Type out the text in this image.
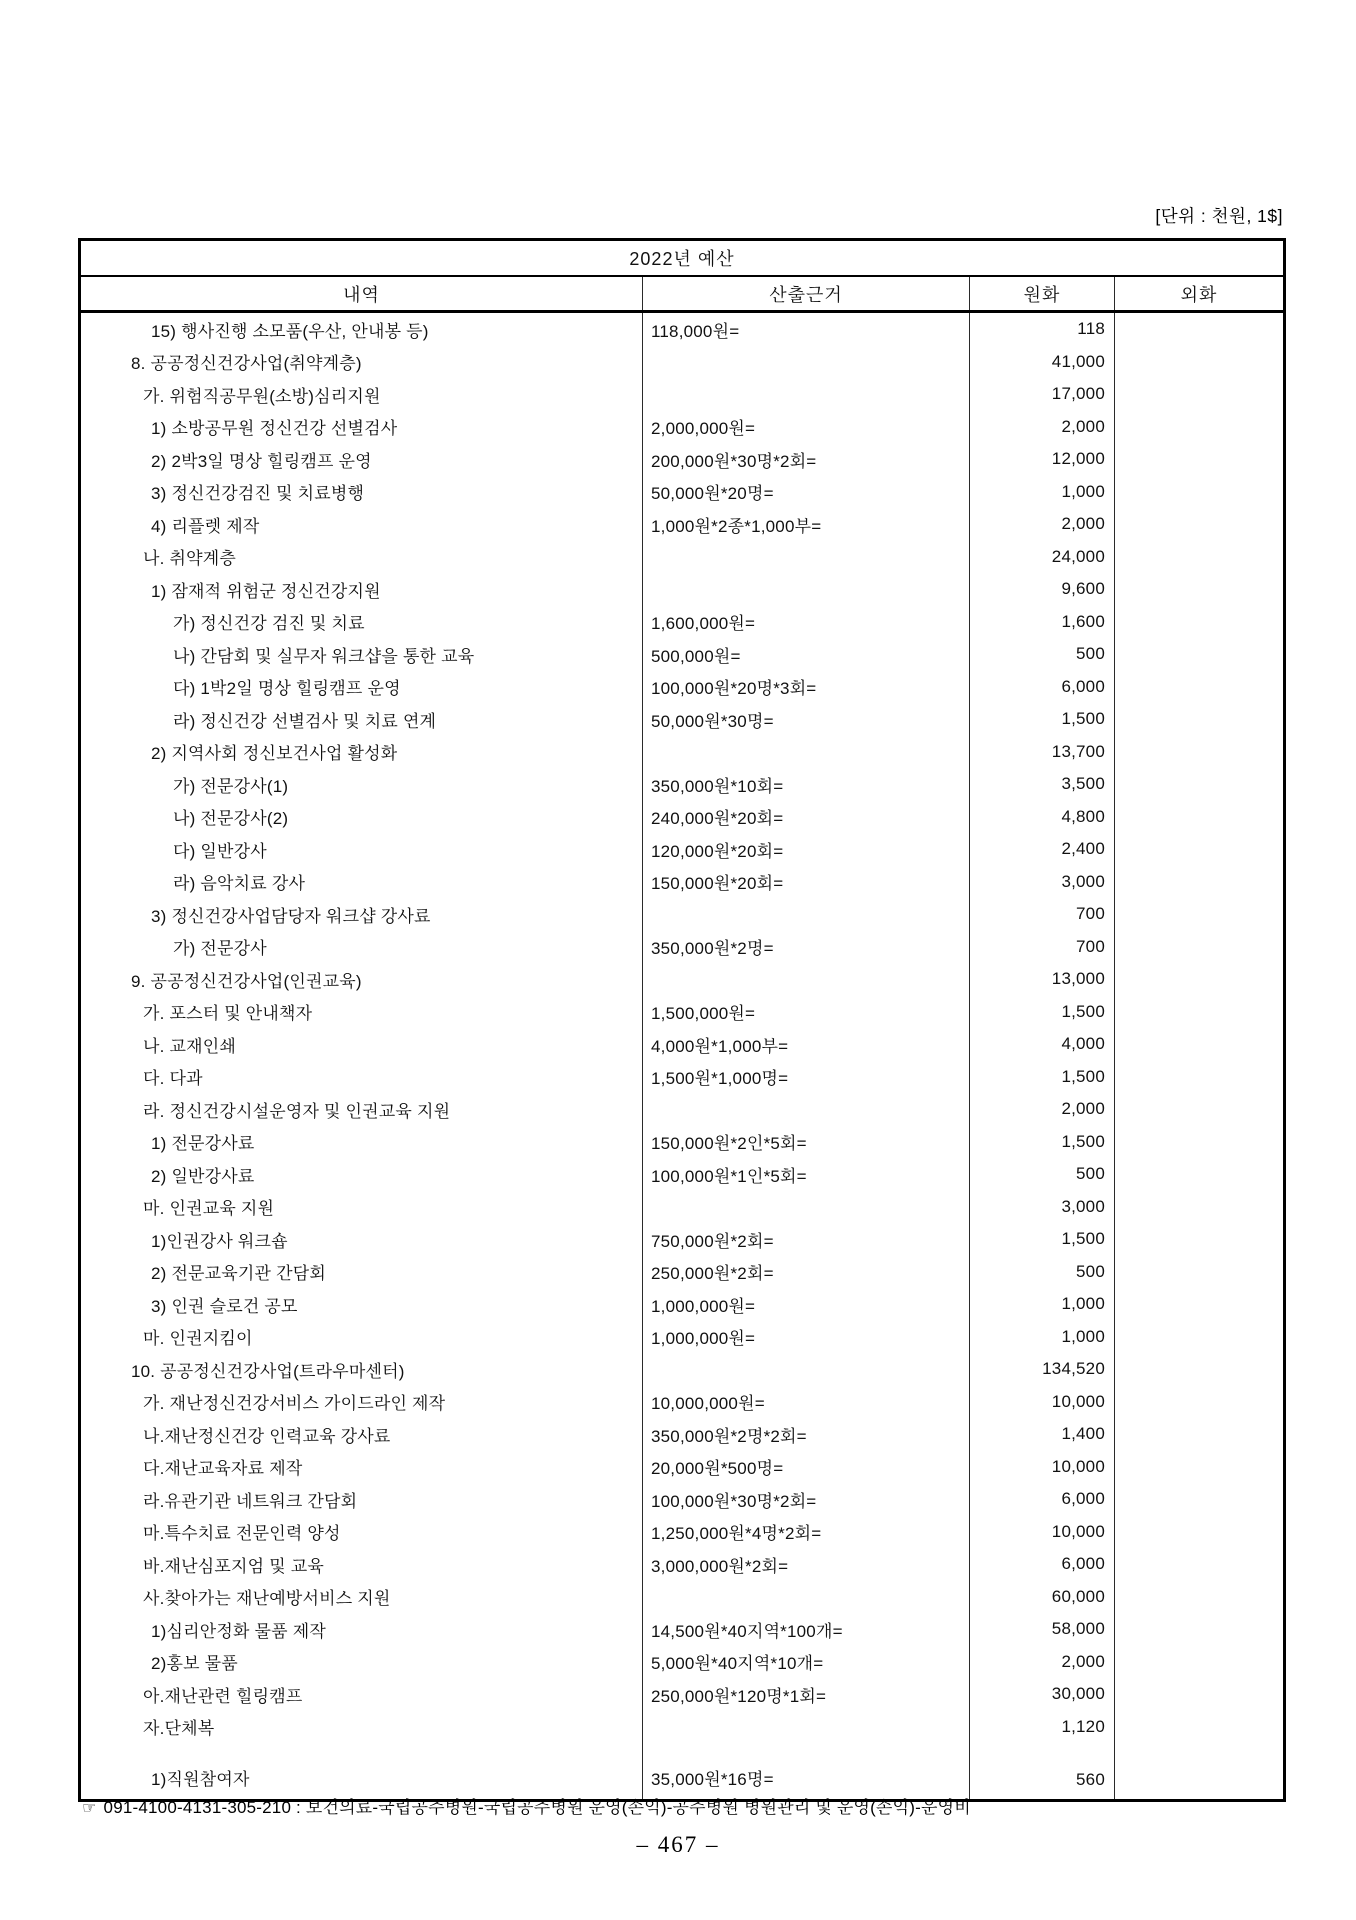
[단위 : 천원, 1$]
2022년 예산			
내역	산출근거	원화	외화
15) 행사진행 소모품(우산, 안내봉 등)	118,000원=	118	
8. 공공정신건강사업(취약계층)		41,000	
가. 위험직공무원(소방)심리지원		17,000	
1) 소방공무원 정신건강 선별검사	2,000,000원=	2,000	
2) 2박3일 명상 힐링캠프 운영	200,000원*30명*2회=	12,000	
3) 정신건강검진 및 치료병행	50,000원*20명=	1,000	
4) 리플렛 제작	1,000원*2종*1,000부=	2,000	
나. 취약계층		24,000	
1) 잠재적 위험군 정신건강지원		9,600	
가) 정신건강 검진 및 치료	1,600,000원=	1,600	
나) 간담회 및 실무자 워크샵을 통한 교육	500,000원=	500	
다) 1박2일 명상 힐링캠프 운영	100,000원*20명*3회=	6,000	
라) 정신건강 선별검사 및 치료 연계	50,000원*30명=	1,500	
2) 지역사회 정신보건사업 활성화		13,700	
가) 전문강사(1)	350,000원*10회=	3,500	
나) 전문강사(2)	240,000원*20회=	4,800	
다) 일반강사	120,000원*20회=	2,400	
라) 음악치료 강사	150,000원*20회=	3,000	
3) 정신건강사업담당자 워크샵 강사료		700	
가) 전문강사	350,000원*2명=	700	
9. 공공정신건강사업(인권교육)		13,000	
가. 포스터 및 안내책자	1,500,000원=	1,500	
나. 교재인쇄	4,000원*1,000부=	4,000	
다. 다과	1,500원*1,000명=	1,500	
라. 정신건강시설운영자 및 인권교육 지원		2,000	
1) 전문강사료	150,000원*2인*5회=	1,500	
2) 일반강사료	100,000원*1인*5회=	500	
마. 인권교육 지원		3,000	
1)인권강사 워크숍	750,000원*2회=	1,500	
2) 전문교육기관 간담회	250,000원*2회=	500	
3) 인권 슬로건 공모	1,000,000원=	1,000	
마. 인권지킴이	1,000,000원=	1,000	
10. 공공정신건강사업(트라우마센터)		134,520	
가. 재난정신건강서비스 가이드라인 제작	10,000,000원=	10,000	
나.재난정신건강 인력교육 강사료	350,000원*2명*2회=	1,400	
다.재난교육자료 제작	20,000원*500명=	10,000	
라.유관기관 네트워크 간담회	100,000원*30명*2회=	6,000	
마.특수치료 전문인력 양성	1,250,000원*4명*2회=	10,000	
바.재난심포지엄 및 교육	3,000,000원*2회=	6,000	
사.찾아가는 재난예방서비스 지원		60,000	
1)심리안정화 물품 제작	14,500원*40지역*100개=	58,000	
2)홍보 물품	5,000원*40지역*10개=	2,000	
아.재난관련 힐링캠프	250,000원*120명*1회=	30,000	
자.단체복		1,120	
1)직원참여자	35,000원*16명=	560	
☞ 091-4100-4131-305-210 : 보건의료-국립공주병원-국립공주병원 운영(손익)-공주병원 병원관리 및 운영(손익)-운영비
– 467 –
